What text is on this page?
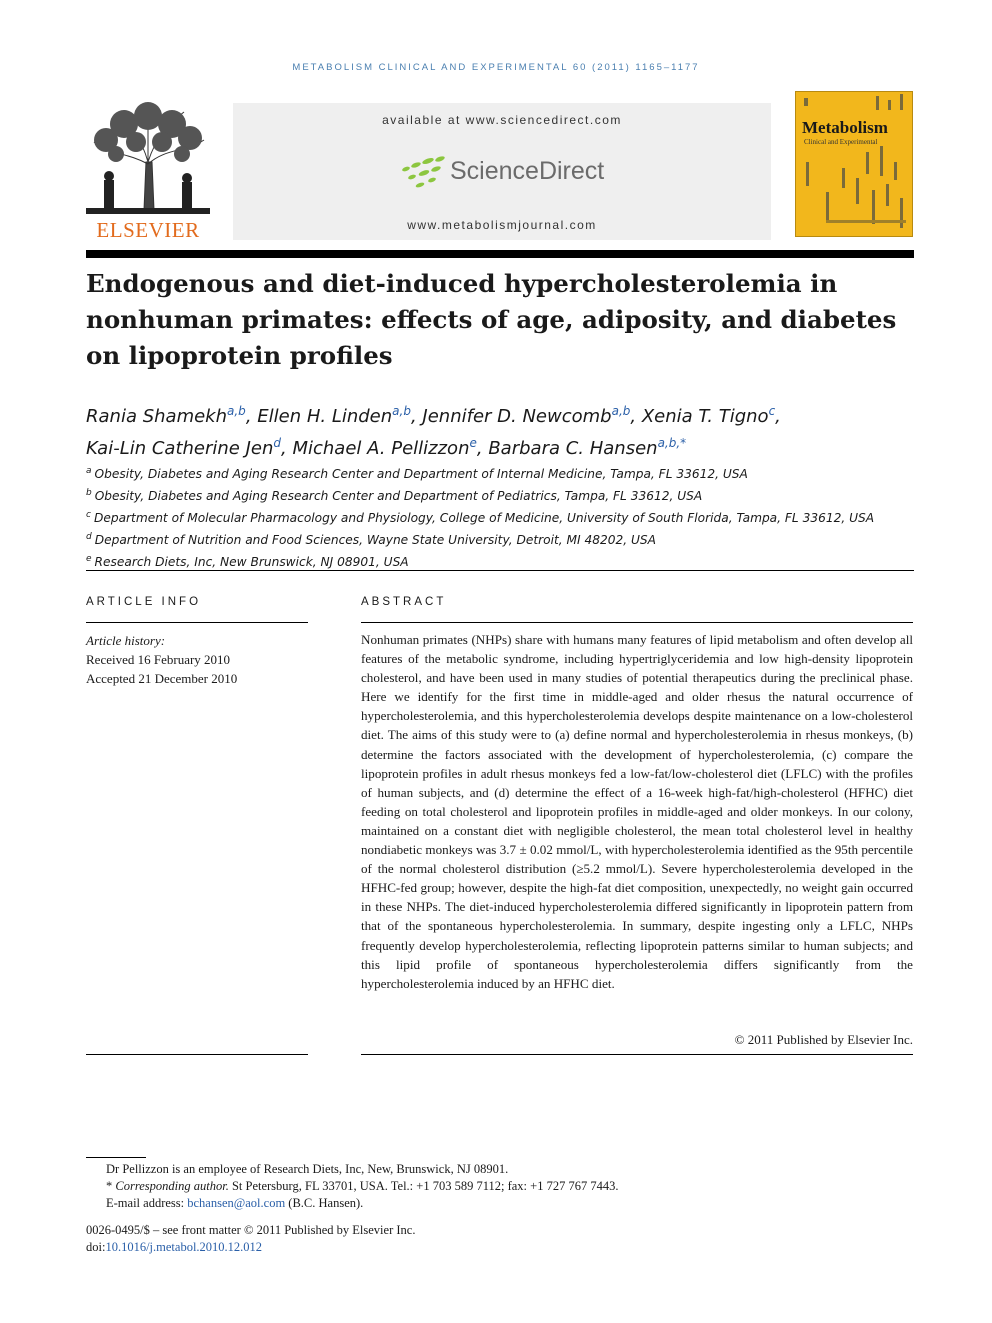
METABOLISM CLINICAL AND EXPERIMENTAL 60 (2011) 1165–1177
ELSEVIER
available at www.sciencedirect.com
ScienceDirect
www.metabolismjournal.com
Metabolism
Clinical and Experimental
Endogenous and diet-induced hypercholesterolemia in
nonhuman primates: effects of age, adiposity, and diabetes
on lipoprotein profiles
Rania Shamekh$^{a,b}$, Ellen H. Linden$^{a,b}$, Jennifer D. Newcomb$^{a,b}$, Xenia T. Tigno$^c$,
Kai-Lin Catherine Jen$^d$, Michael A. Pellizzon$^e$, Barbara C. Hansen$^{a,b,*}$
$^a$ Obesity, Diabetes and Aging Research Center and Department of Internal Medicine, Tampa, FL 33612, USA
$^b$ Obesity, Diabetes and Aging Research Center and Department of Pediatrics, Tampa, FL 33612, USA
$^c$ Department of Molecular Pharmacology and Physiology, College of Medicine, University of South Florida, Tampa, FL 33612, USA
$^d$ Department of Nutrition and Food Sciences, Wayne State University, Detroit, MI 48202, USA
$^e$ Research Diets, Inc, New Brunswick, NJ 08901, USA
ARTICLE INFO
Article history:
Received 16 February 2010
Accepted 21 December 2010
ABSTRACT
Nonhuman primates (NHPs) share with humans many features of lipid metabolism and often develop all features of the metabolic syndrome, including hypertriglyceridemia and low high-density lipoprotein cholesterol, and have been used in many studies of potential therapeutics during the preclinical phase. Here we identify for the first time in middle-aged and older rhesus the natural occurrence of hypercholesterolemia, and this hypercholesterolemia develops despite maintenance on a low-cholesterol diet. The aims of this study were to (a) define normal and hypercholesterolemia in rhesus monkeys, (b) determine the factors associated with the development of hypercholesterolemia, (c) compare the lipoprotein profiles in adult rhesus monkeys fed a low-fat/low-cholesterol diet (LFLC) with the profiles of human subjects, and (d) determine the effect of a 16-week high-fat/high-cholesterol (HFHC) diet feeding on total cholesterol and lipoprotein profiles in middle-aged and older monkeys. In our colony, maintained on a constant diet with negligible cholesterol, the mean total cholesterol level in healthy nondiabetic monkeys was 3.7 ± 0.02 mmol/L, with hypercholesterolemia identified as the 95th percentile of the normal cholesterol distribution (≥5.2 mmol/L). Severe hypercholesterolemia developed in the HFHC-fed group; however, despite the high-fat diet composition, unexpectedly, no weight gain occurred in these NHPs. The diet-induced hypercholesterolemia differed significantly in lipoprotein pattern from that of the spontaneous hypercholesterolemia. In summary, despite ingesting only a LFLC, NHPs frequently develop hypercholesterolemia, reflecting lipoprotein patterns similar to human subjects; and this lipid profile of spontaneous hypercholesterolemia differs significantly from the hypercholesterolemia induced by an HFHC diet.
© 2011 Published by Elsevier Inc.
Dr Pellizzon is an employee of Research Diets, Inc, New, Brunswick, NJ 08901.
* Corresponding author. St Petersburg, FL 33701, USA. Tel.: +1 703 589 7112; fax: +1 727 767 7443.
E-mail address: bchansen@aol.com (B.C. Hansen).
0026-0495/$ – see front matter © 2011 Published by Elsevier Inc.
doi:10.1016/j.metabol.2010.12.012
